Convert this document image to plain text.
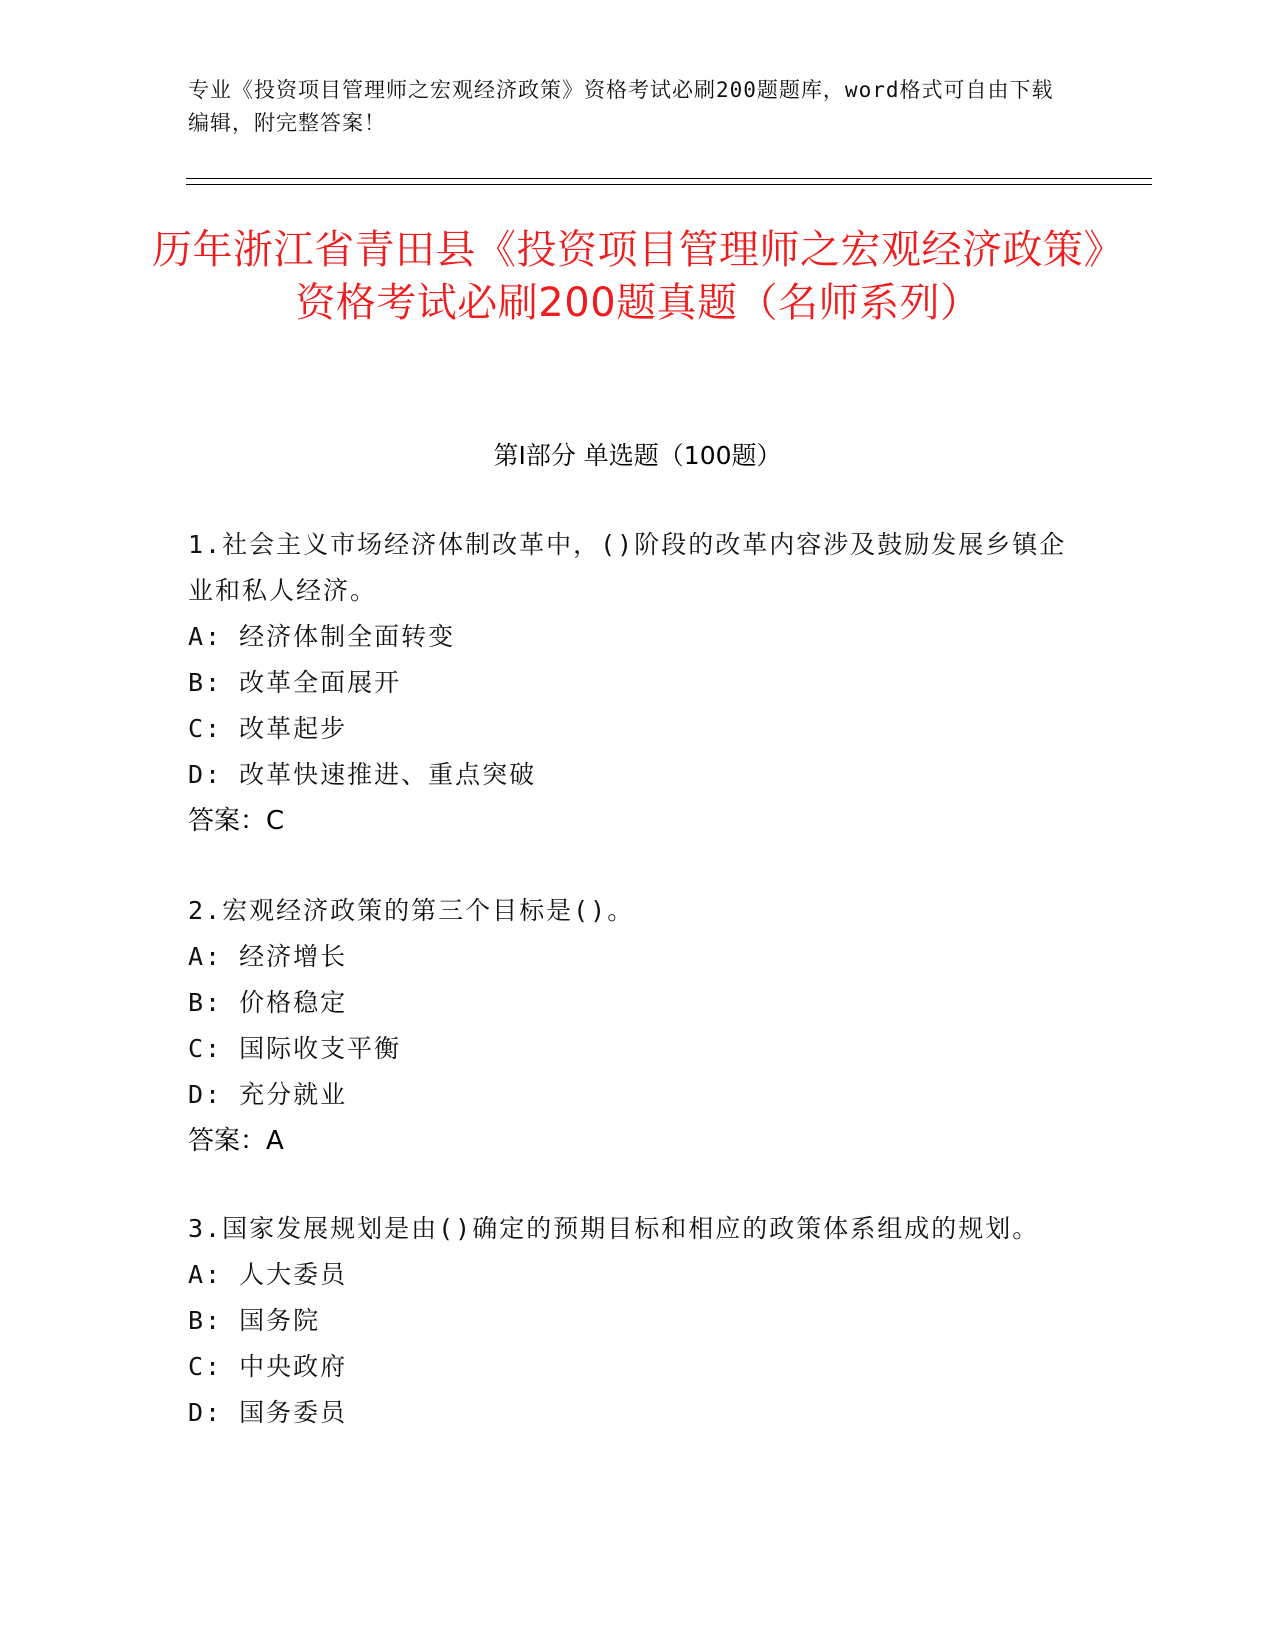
专业《投资项目管理师之宏观经济政策》资格考试必刷200题题库，word格式可自由下载编辑，附完整答案！
历年浙江省青田县《投资项目管理师之宏观经济政策》资格考试必刷200题真题（名师系列）
第I部分 单选题（100题）
1.社会主义市场经济体制改革中，()阶段的改革内容涉及鼓励发展乡镇企业和私人经济。
A: 经济体制全面转变
B: 改革全面展开
C: 改革起步
D: 改革快速推进、重点突破
答案：C
2.宏观经济政策的第三个目标是()。
A: 经济增长
B: 价格稳定
C: 国际收支平衡
D: 充分就业
答案：A
3.国家发展规划是由()确定的预期目标和相应的政策体系组成的规划。
A: 人大委员
B: 国务院
C: 中央政府
D: 国务委员
